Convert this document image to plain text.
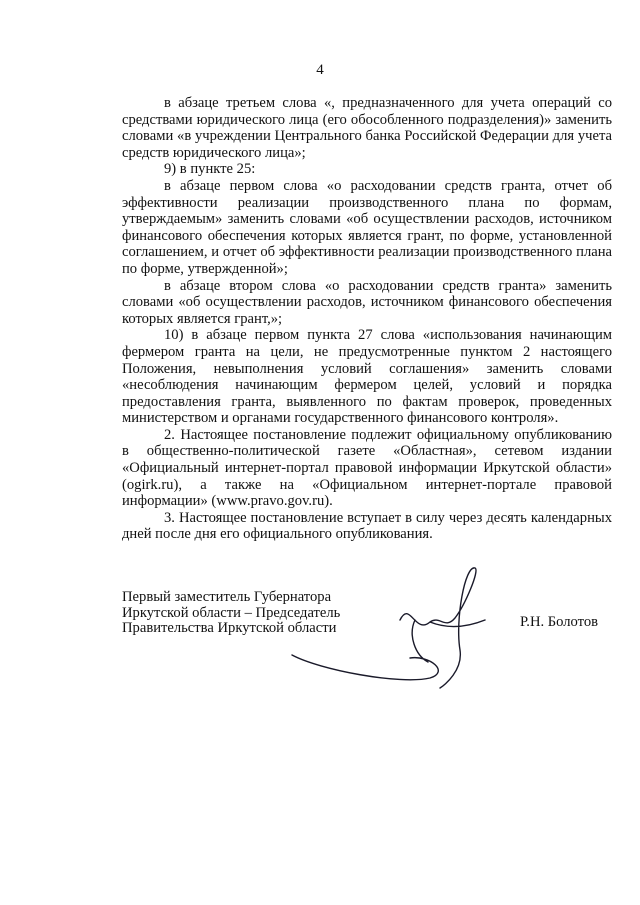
4

в абзаце третьем слова «, предназначенного для учета операций со средствами юридического лица (его обособленного подразделения)» заменить словами «в учреждении Центрального банка Российской Федерации для учета средств юридического лица»;

9) в пункте 25:

в абзаце первом слова «о расходовании средств гранта, отчет об эффективности реализации производственного плана по формам, утверждаемым» заменить словами «об осуществлении расходов, источником финансового обеспечения которых является грант, по форме, установленной соглашением, и отчет об эффективности реализации производственного плана по форме, утвержденной»;

в абзаце втором слова «о расходовании средств гранта» заменить словами «об осуществлении расходов, источником финансового обеспечения которых является грант,»;

10) в абзаце первом пункта 27 слова «использования начинающим фермером гранта на цели, не предусмотренные пунктом 2 настоящего Положения, невыполнения условий соглашения» заменить словами «несоблюдения начинающим фермером целей, условий и порядка предоставления гранта, выявленного по фактам проверок, проведенных министерством и органами государственного финансового контроля».

2. Настоящее постановление подлежит официальному опубликованию в общественно-политической газете «Областная», сетевом издании «Официальный интернет-портал правовой информации Иркутской области» (ogirk.ru), а также на «Официальном интернет-портале правовой информации» (www.pravo.gov.ru).

3. Настоящее постановление вступает в силу через десять календарных дней после дня его официального опубликования.

Первый заместитель Губернатора
Иркутской области – Председатель
Правительства Иркутской области	Р.Н. Болотов
